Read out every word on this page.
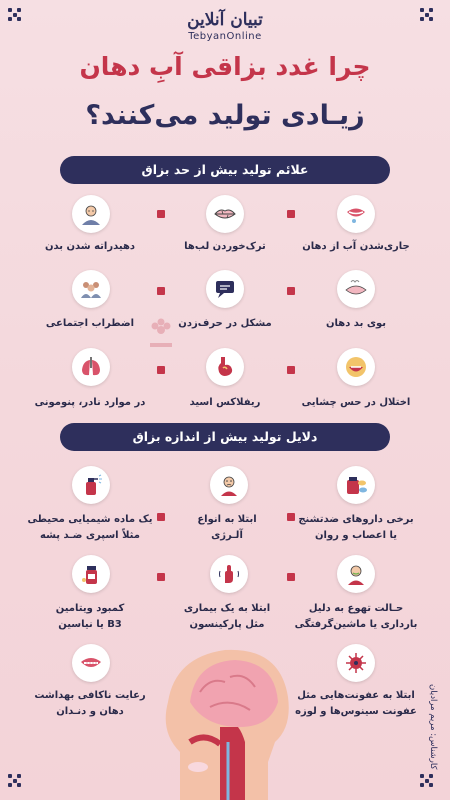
تبیان آنلاین
TebyanOnline
چرا غدد بزاقی آبِ دهان
زیـادی تولید می‌کنند؟
علائم تولید بیش از حد بزاق
جاری‌شدن آب از دهان
ترک‌خوردن لب‌ها
دهیدراته شدن بدن
بوی بد دهان
مشکل در حرف‌زدن
اضطراب اجتماعی
اختلال در حس چشایی
ریفلاکس اسید
در موارد نادر، پنومونی
دلایل تولید بیش از اندازه بزاق
برخی داروهای ضدتشنج
یا اعصاب و روان
ابتلا به انواع
آلـرژی
یک ماده شیمیایی محیطی
مثلاً اسپری ضـد پشه
حـالت تهوع به دلیل
بارداری یا ماشین‌گرفتگی
ابتلا به یک بیماری
مثل پارکینسون
کمبود ویتامین
B3 یا نیاسین
ابتلا به عفونت‌هایی مثل
عفونت سینوس‌ها و لوزه
رعایت ناکافی بهداشت
دهان و دنـدان	کارشناس: مریم مرادیان
